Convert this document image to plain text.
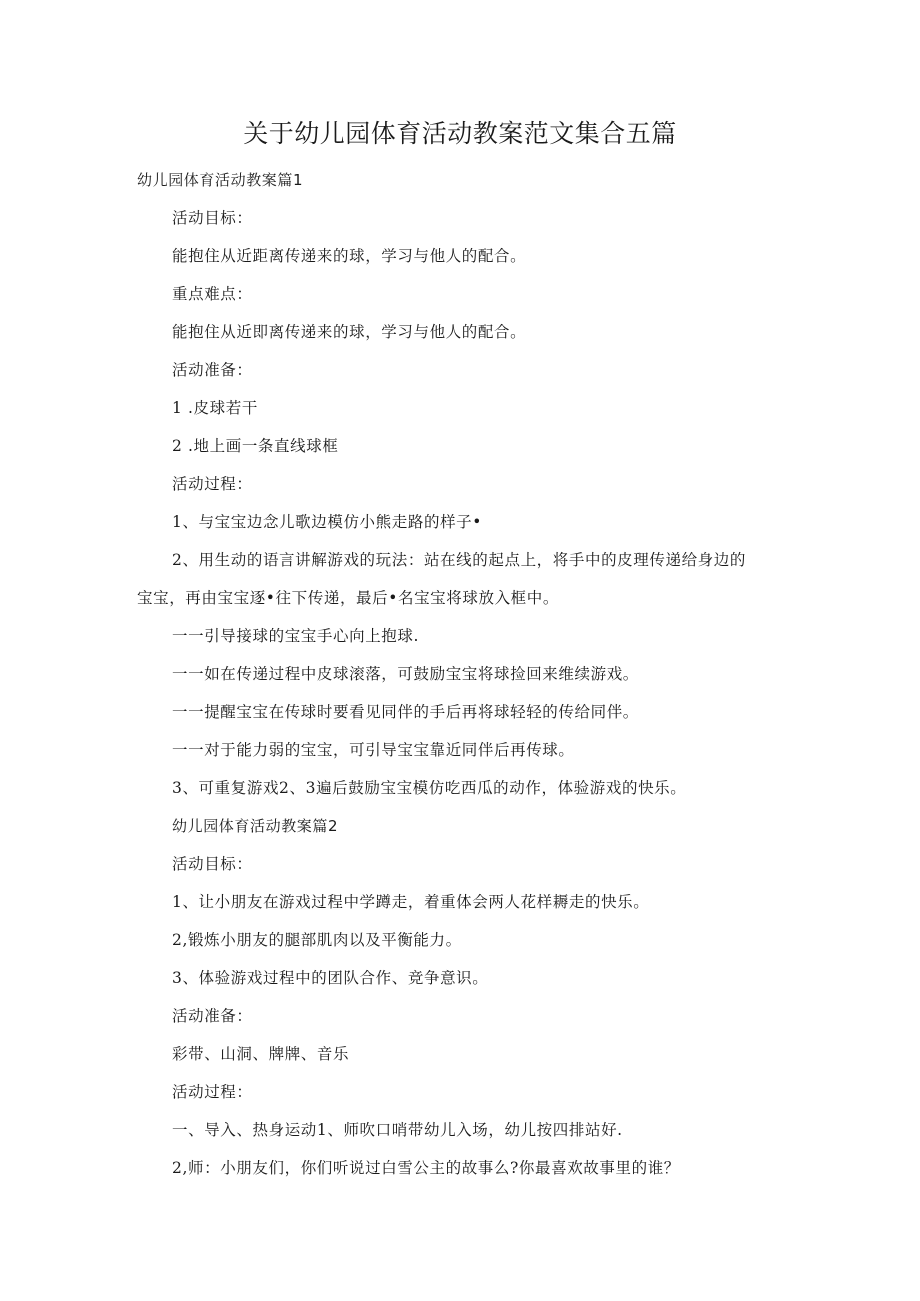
关于幼儿园体育活动教案范文集合五篇
幼儿园体育活动教案篇1
活动目标：
能抱住从近距离传递来的球，学习与他人的配合。
重点难点：
能抱住从近即离传递来的球，学习与他人的配合。
活动准备：
1 .皮球若干
2 .地上画一条直线球框
活动过程：
1、与宝宝边念儿歌边模仿小熊走路的样子•
2、用生动的语言讲解游戏的玩法：站在线的起点上，将手中的皮理传递给身边的
宝宝，再由宝宝逐•往下传递，最后•名宝宝将球放入框中。
一一引导接球的宝宝手心向上抱球.
一一如在传递过程中皮球滚落，可鼓励宝宝将球捡回来维续游戏。
一一提醒宝宝在传球时要看见同伴的手后再将球轻轻的传给同伴。
一一对于能力弱的宝宝，可引导宝宝靠近同伴后再传球。
3、可重复游戏2、3遍后鼓励宝宝模仿吃西瓜的动作，体验游戏的快乐。
幼儿园体育活动教案篇2
活动目标：
1、让小朋友在游戏过程中学蹲走，着重体会两人花样耨走的快乐。
2,锻炼小朋友的腿部肌肉以及平衡能力。
3、体验游戏过程中的团队合作、竞争意识。
活动准备：
彩带、山洞、牌牌、音乐
活动过程：
一、导入、热身运动1、师吹口哨带幼儿入场，幼儿按四排站好.
2,师：小朋友们，你们听说过白雪公主的故事么?你最喜欢故事里的谁？
